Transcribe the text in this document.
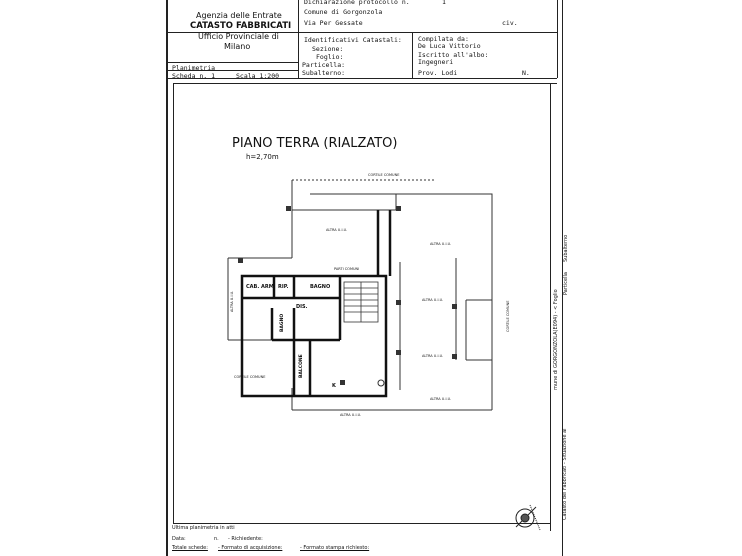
Agenzia delle Entrate
CATASTO FABBRICATI
Ufficio Provinciale di
Milano
Dichiarazione protocollo n.	1
Comune di Gorgonzola
Via Per Gessate	civ.
Identificativi Catastali:
Sezione:
Foglio:
Particella:
Subalterno:
Compilata da:
De Luca Vittorio
Iscritto all'albo:
Ingegneri
Prov. Lodi	N.
Planimetria
Scheda n. 1	Scala 1:200
PIANO TERRA (RIALZATO)
h=2,70m
CORTILE COMUNE
ALTRA U.I.U.
ALTRA U.I.U.
PARTI COMUNI
ALTRA U.I.U.
ALTRA U.I.U.
ALTRA U.I.U.
ALTRA U.I.U.
CORTILE COMUNE
CAB. ARM. RIP.	BAGNO
DIS.
K
BAGNO
BALCONE
ALTRA U.I.U.	CORTILE COMUNE
Catasto dei Fabbricati - Situazione al
mune di GORGONZOLA(E094) - < Foglio
Particella
Subalterno
Ultima planimetria in atti
Data:	n. - Richiedente:
Totale schede: - Formato di acquisizione:	- Formato stampa richiesto:
